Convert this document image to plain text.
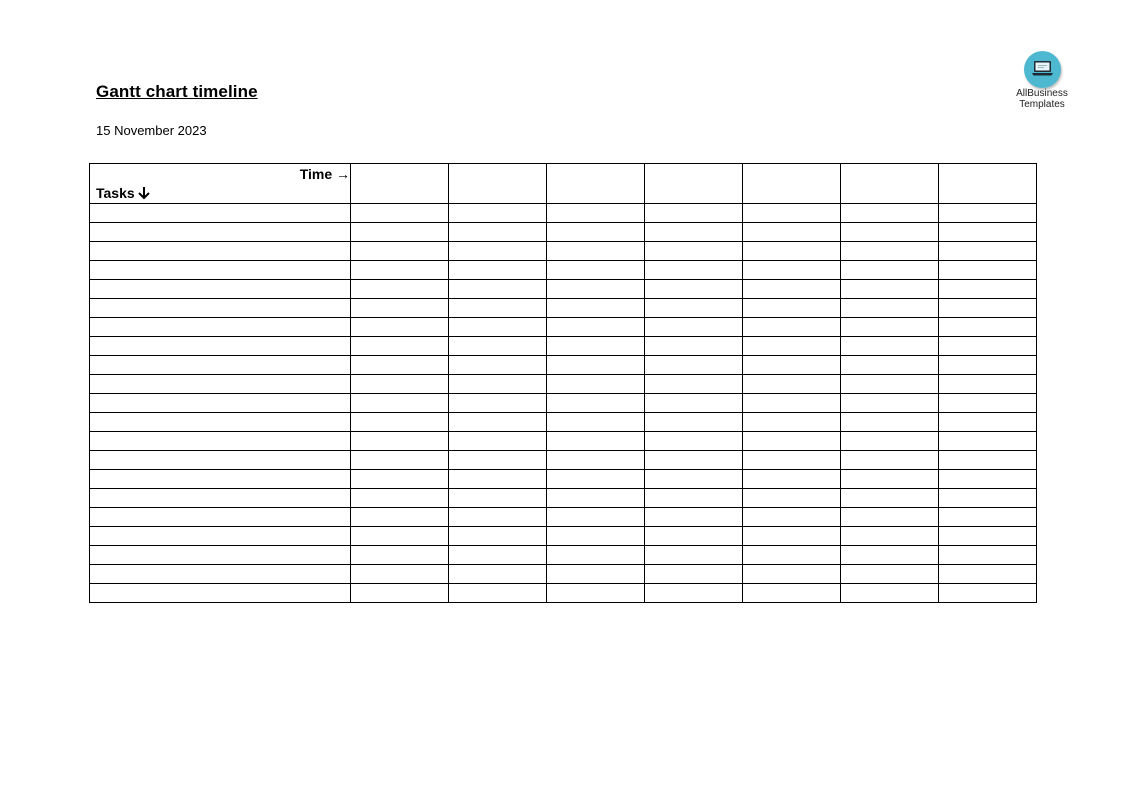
Gantt chart timeline
15 November 2023
AllBusiness
Templates
Time →
Tasks							
